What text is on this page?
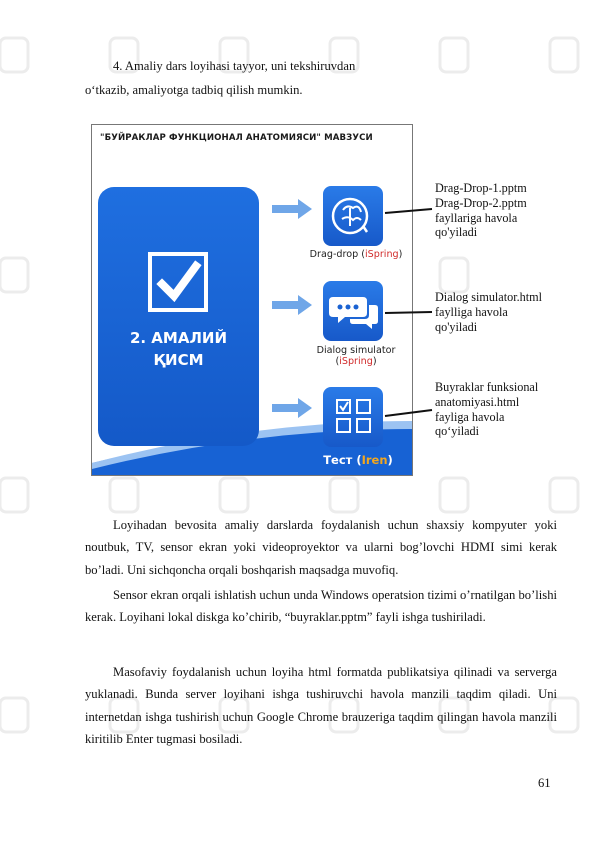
4. Amaliy dars loyihasi tayyor, uni tekshiruvdan
o‘tkazib, amaliyotga tadbiq qilish mumkin.
"БУЙРАКЛАР ФУНКЦИОНАЛ АНАТОМИЯСИ" МАВЗУСИ
2. АМАЛИЙ
ҚИСМ
Drag-drop (iSpring)
Dialog simulator
(iSpring)
Тест (Iren)
Drag-Drop-1.pptm
Drag-Drop-2.pptm
fayllariga havola
qo'yiladi
Dialog simulator.html
faylliga havola
qo'yiladi
Buyraklar funksional
anatomiyasi.html
fayliga havola
qo‘yiladi

Loyihadan bevosita amaliy darslarda foydalanish uchun shaxsiy kompyuter yoki noutbuk, TV, sensor ekran yoki videoproyektor va ularni bog’lovchi HDMI simi kerak bo’ladi. Uni sichqoncha orqali boshqarish maqsadga muvofiq.

Sensor ekran orqali ishlatish uchun unda Windows operatsion tizimi o’rnatilgan bo’lishi kerak. Loyihani lokal diskga ko’chirib, “buyraklar.pptm” fayli ishga tushiriladi.

Masofaviy foydalanish uchun loyiha html formatda publikatsiya qilinadi va serverga yuklanadi. Bunda server loyihani ishga tushiruvchi havola manzili taqdim qiladi. Uni internetdan ishga tushirish uchun Google Chrome brauzeriga taqdim qilingan havola manzili kiritilib Enter tugmasi bosiladi.

61
